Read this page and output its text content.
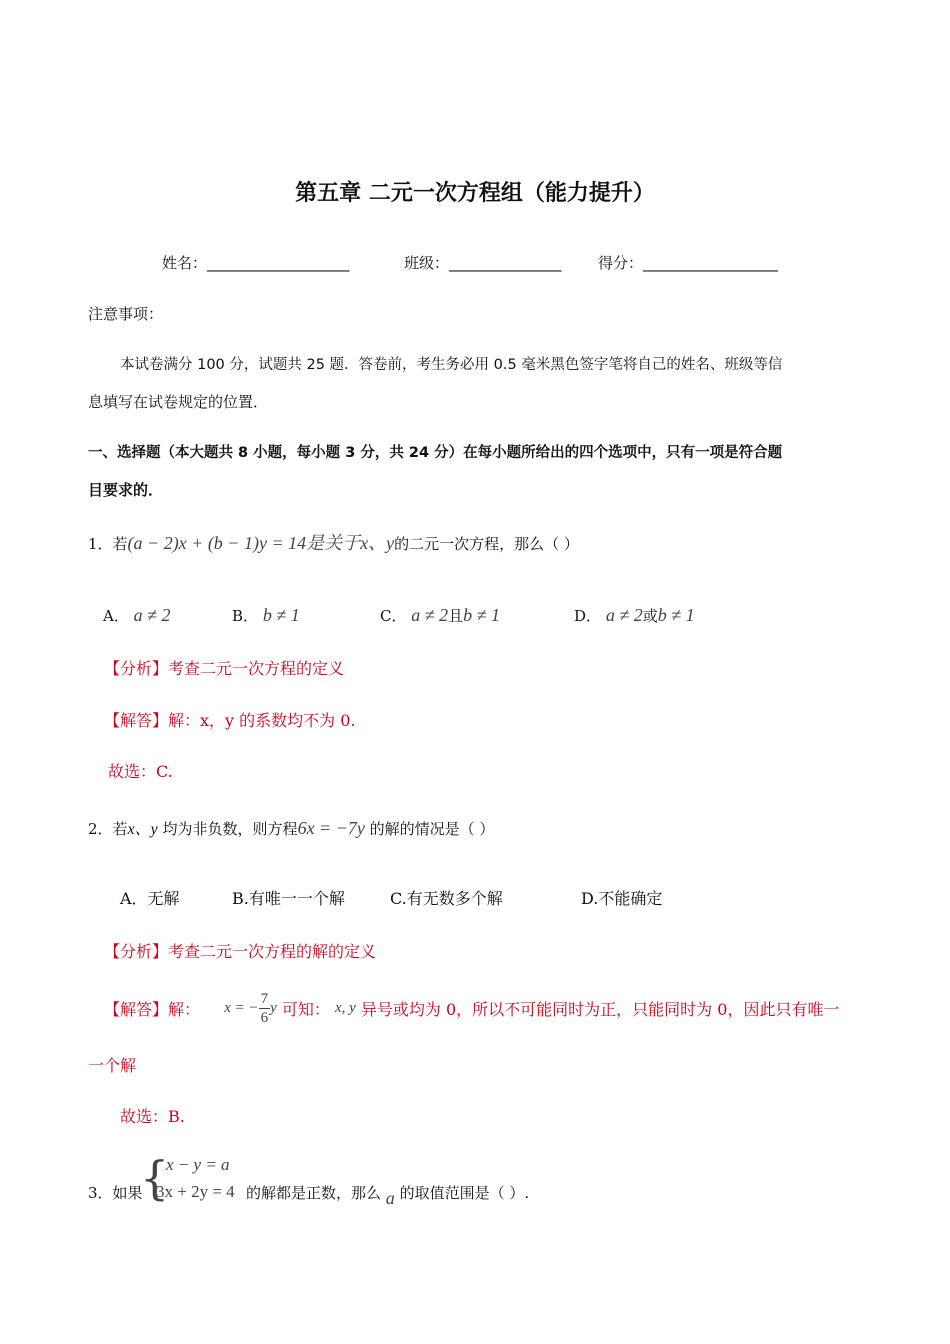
第五章 二元一次方程组（能力提升）
姓名：___________________	班级：_______________ 得分：__________________
注意事项：
本试卷满分 100 分，试题共 25 题．答卷前，考生务必用 0.5 毫米黑色签字笔将自己的姓名、班级等信
息填写在试卷规定的位置．
一、选择题（本大题共 8 小题，每小题 3 分，共 24 分）在每小题所给出的四个选项中，只有一项是符合题
目要求的．
1．若(a − 2)x + (b − 1)y = 14是关于x、y的二元一次方程，那么（ ）
A． a ≠ 2	B． b ≠ 1	C． a ≠ 2且b ≠ 1	D． a ≠ 2或b ≠ 1
【分析】考查二元一次方程的定义
【解答】解：x，y 的系数均不为 0.
故选：C.
2．若x、y 均为非负数，则方程6x = −7y 的解的情况是（ ）
A．无解	B.有唯一一个解	C.有无数多个解	D.不能确定
【分析】考查二元一次方程的解的定义
【解答】解： x = − $\frac{7}{6}$ y 可知： x, y 异号或均为 0，所以不可能同时为正，只能同时为 0，因此只有唯一
一个解
故选：B.
3．如果
{
x − y = a
3x + 2y = 4 的解都是正数，那么 a 的取值范围是（ ）.
